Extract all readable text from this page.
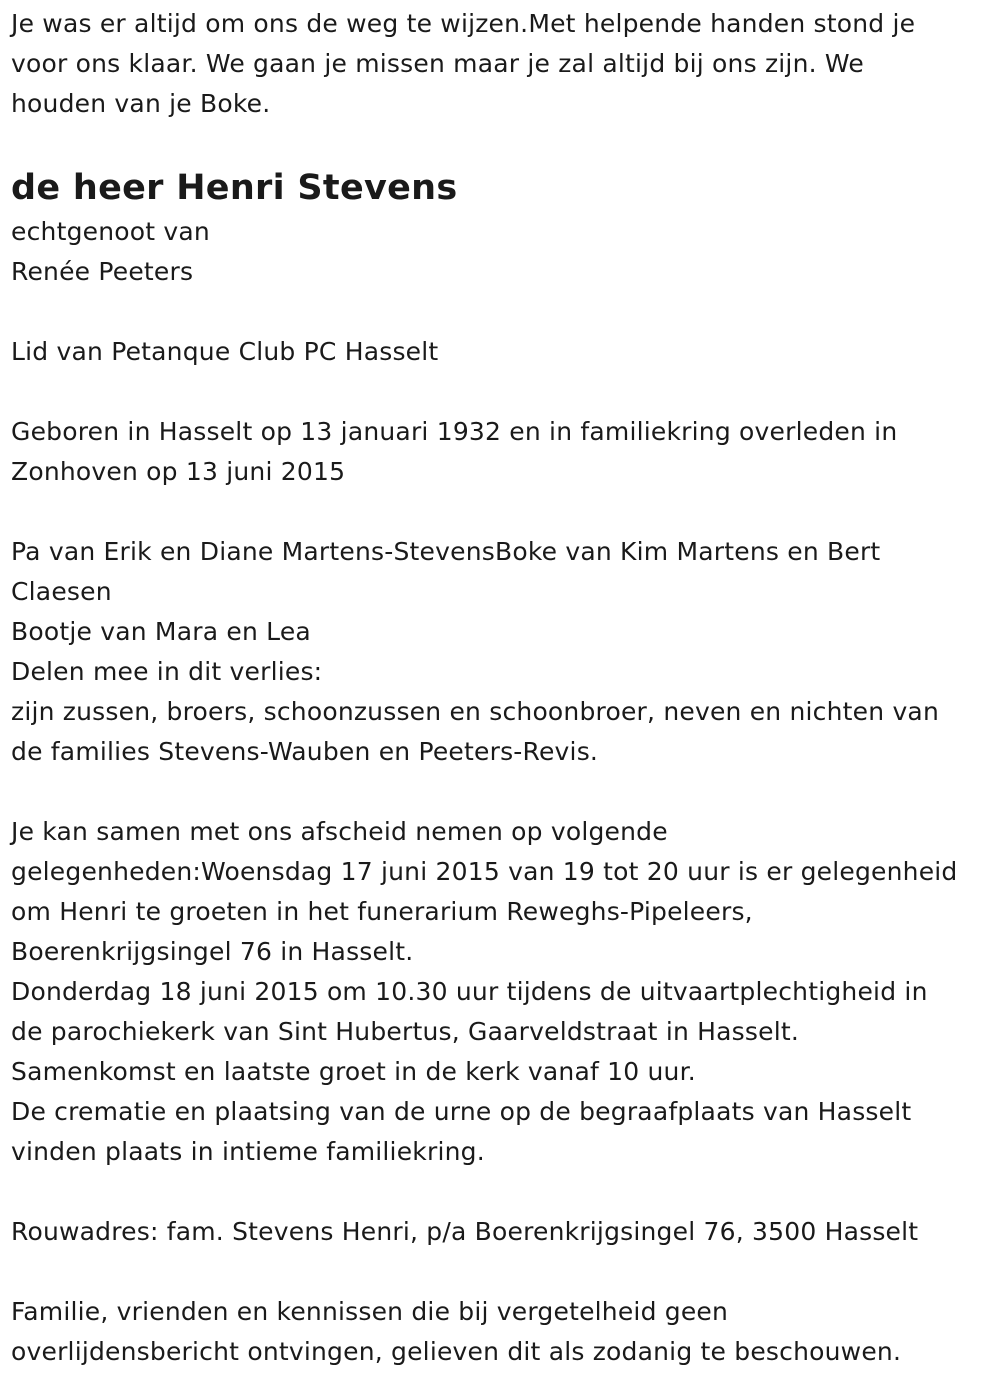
Je was er altijd om ons de weg te wijzen.Met helpende handen stond je

voor ons klaar. We gaan je missen maar je zal altijd bij ons zijn. We

houden van je Boke.

de heer Henri Stevens

echtgenoot van

Renée Peeters

Lid van Petanque Club PC Hasselt

Geboren in Hasselt op 13 januari 1932 en in familiekring overleden in

Zonhoven op 13 juni 2015

Pa van Erik en Diane Martens-StevensBoke van Kim Martens en Bert

Claesen

Bootje van Mara en Lea

Delen mee in dit verlies:

zijn zussen, broers, schoonzussen en schoonbroer, neven en nichten van

de families Stevens-Wauben en Peeters-Revis.

Je kan samen met ons afscheid nemen op volgende

gelegenheden:Woensdag 17 juni 2015 van 19 tot 20 uur is er gelegenheid

om Henri te groeten in het funerarium Reweghs-Pipeleers,

Boerenkrijgsingel 76 in Hasselt.

Donderdag 18 juni 2015 om 10.30 uur tijdens de uitvaartplechtigheid in

de parochiekerk van Sint Hubertus, Gaarveldstraat in Hasselt.

Samenkomst en laatste groet in de kerk vanaf 10 uur.

De crematie en plaatsing van de urne op de begraafplaats van Hasselt

vinden plaats in intieme familiekring.

Rouwadres: fam. Stevens Henri, p/a Boerenkrijgsingel 76, 3500 Hasselt

Familie, vrienden en kennissen die bij vergetelheid geen

overlijdensbericht ontvingen, gelieven dit als zodanig te beschouwen.
